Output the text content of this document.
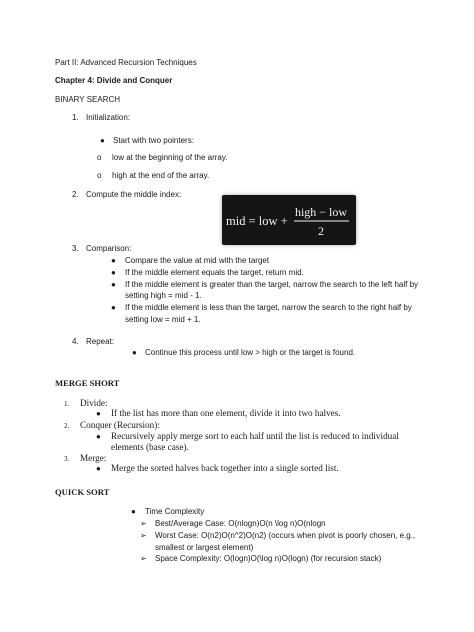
Part II: Advanced Recursion Techniques
Chapter 4: Divide and Conquer
BINARY SEARCH
1. Initialization:
● Start with two pointers:
o low at the beginning of the array.
o high at the end of the array.
2. Compute the middle index:
mid = low +
high − low
2
3. Comparison:
● Compare the value at mid with the target
● If the middle element equals the target, return mid.
● If the middle element is greater than the target, narrow the search to the left half by
setting high = mid - 1.
● If the middle element is less than the target, narrow the search to the right half by
setting low = mid + 1.
4. Repeat:
● Continue this process until low > high or the target is found.
MERGE SHORT
1. Divide:
● If the list has more than one element, divide it into two halves.
2. Conquer (Recursion):
● Recursively apply merge sort to each half until the list is reduced to individual
elements (base case).
3. Merge:
● Merge the sorted halves back together into a single sorted list.
QUICK SORT
● Time Complexity
➢ Best/Average Case: O(nlogn)O(n \log n)O(nlogn
➢ Worst Case: O(n2)O(n^2)O(n2) (occurs when pivot is poorly chosen, e.g.,
smallest or largest element)
➢ Space Complexity: O(logn)O(\log n)O(logn) (for recursion stack)
